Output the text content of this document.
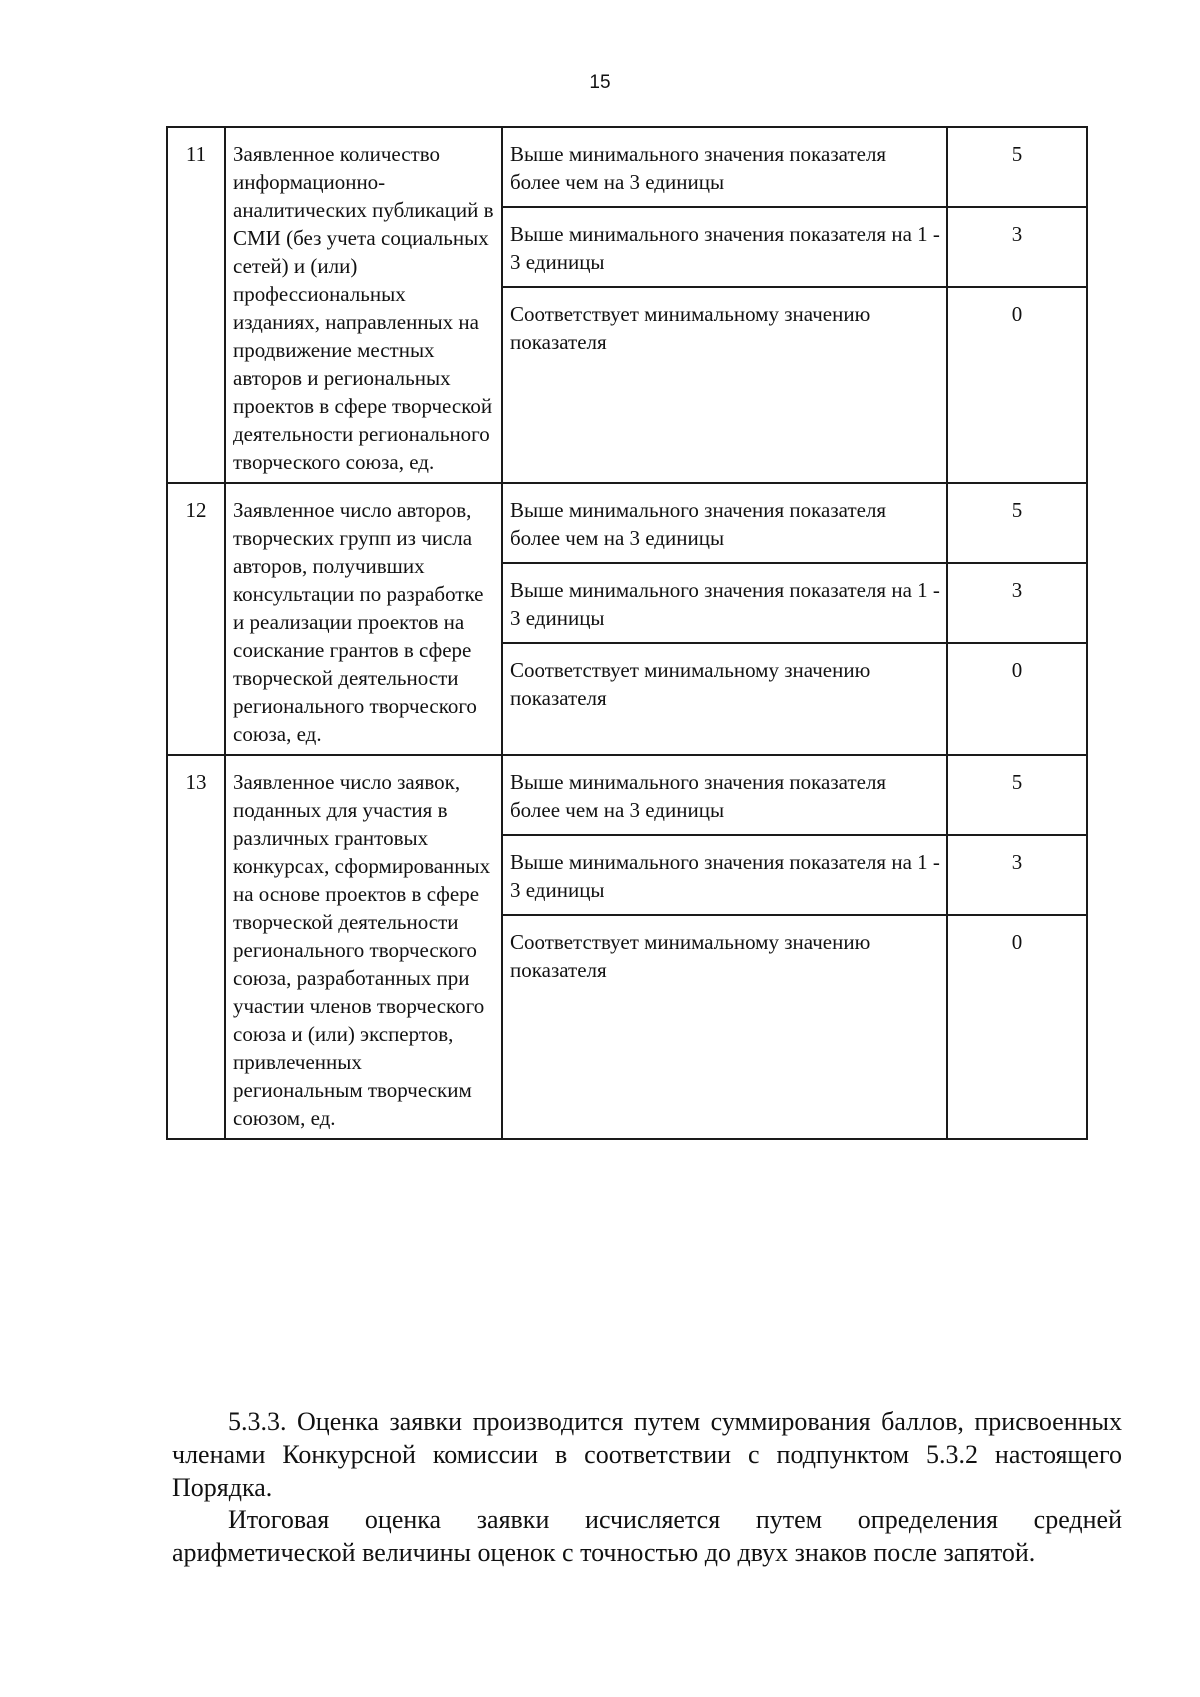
15
11	Заявленное количество информационно-аналитических публикаций в СМИ (без учета социальных сетей) и (или) профессиональных изданиях, направленных на продвижение местных авторов и региональных проектов в сфере творческой деятельности регионального творческого союза, ед.	Выше минимального значения показателя более чем на 3 единицы	5
		Выше минимального значения показателя на 1 - 3 единицы	3
		Соответствует минимальному значению показателя	0
12	Заявленное число авторов, творческих групп из числа авторов, получивших консультации по разработке и реализации проектов на соискание грантов в сфере творческой деятельности регионального творческого союза, ед.	Выше минимального значения показателя более чем на 3 единицы	5
		Выше минимального значения показателя на 1 - 3 единицы	3
		Соответствует минимальному значению показателя	0
13	Заявленное число заявок, поданных для участия в различных грантовых конкурсах, сформированных на основе проектов в сфере творческой деятельности регионального творческого союза, разработанных при участии членов творческого союза и (или) экспертов, привлеченных региональным творческим союзом, ед.	Выше минимального значения показателя более чем на 3 единицы	5
		Выше минимального значения показателя на 1 - 3 единицы	3
		Соответствует минимальному значению показателя	0

5.3.3. Оценка заявки производится путем суммирования баллов, присвоенных членами Конкурсной комиссии в соответствии с подпунктом 5.3.2 настоящего Порядка.

Итоговая оценка заявки исчисляется путем определения средней арифметической величины оценок с точностью до двух знаков после запятой.
